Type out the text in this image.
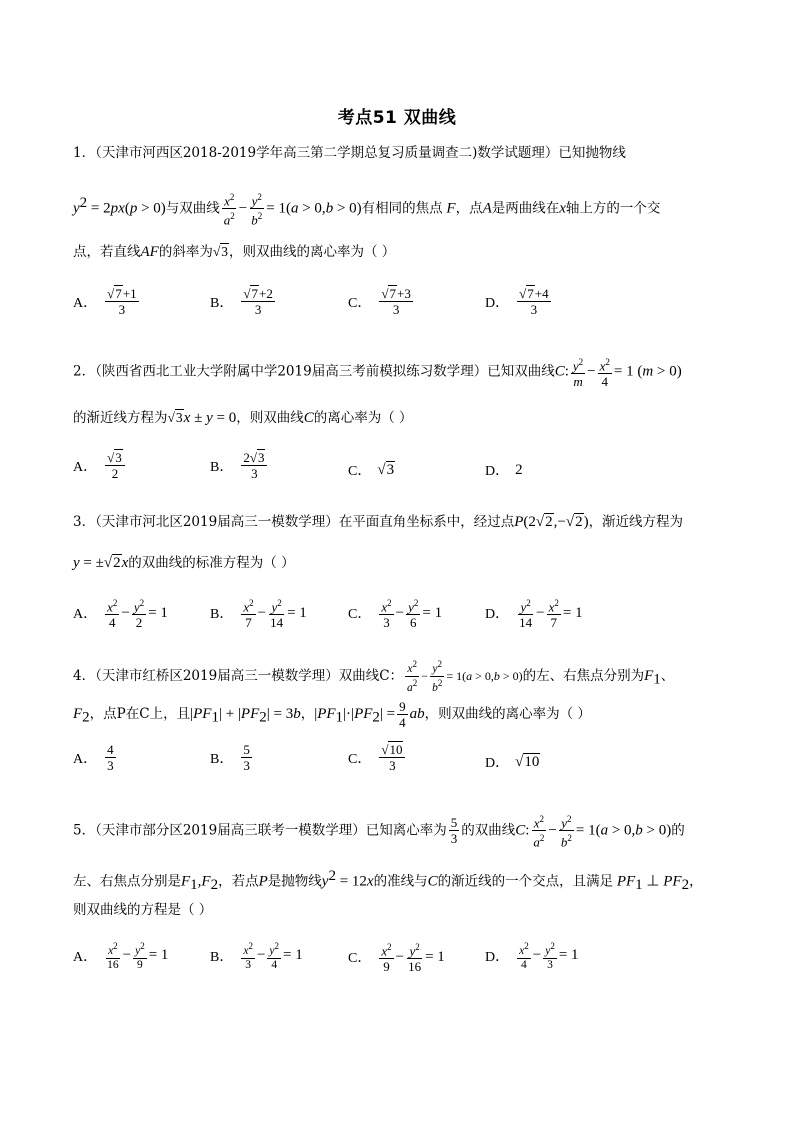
考点51 双曲线
1．（天津市河西区2018-2019学年高三第二学期总复习质量调查二)数学试题理）已知抛物线
$y^2 = 2px(p > 0)$与双曲线 $\frac{x^2}{a^2} - \frac{y^2}{b^2} = 1(a > 0,b > 0)$有相同的焦点 F，点A是两曲线在x轴上方的一个交
点，若直线AF的斜率为√3，则双曲线的离心率为（ ）
A． $\frac{√7+1}{3}$	B． $\frac{√7+2}{3}$	C． $\frac{√7+3}{3}$	D． $\frac{√7+4}{3}$
2．（陕西省西北工业大学附属中学2019届高三考前模拟练习数学理）已知双曲线C: $\frac{y^2}{m} - \frac{x^2}{4} = 1$ (m > 0)
的渐近线方程为√3x ± y = 0，则双曲线C的离心率为（ ）
A． $\frac{√3}{2}$	B． $\frac{2√3}{3}$	C． √3	D． 2
3．（天津市河北区2019届高三一模数学理）在平面直角坐标系中，经过点P(2√2,−√2)，渐近线方程为
y = ±√2x的双曲线的标准方程为（ ）
A． $\frac{x^2}{4} - \frac{y^2}{2} = 1$	B． $\frac{x^2}{7} - \frac{y^2}{14} = 1$	C． $\frac{x^2}{3} - \frac{y^2}{6} = 1$	D． $\frac{y^2}{14} - \frac{x^2}{7} = 1$
4．（天津市红桥区2019届高三一模数学理）双曲线C： $\frac{x^2}{a^2} - \frac{y^2}{b^2} = 1(a > 0,b > 0)$的左、右焦点分别为$F_1$、
$F_2$，点P在C上，且$|PF_1| + |PF_2| = 3b$，$|PF_1|\cdot|PF_2| = \frac{9}{4}$ ab，则双曲线的离心率为（ ）
A． $\frac{4}{3}$	B． $\frac{5}{3}$	C． $\frac{√10}{3}$	D． √10
5．（天津市部分区2019届高三联考一模数学理）已知离心率为 $\frac{5}{3}$ 的双曲线C: $\frac{x^2}{a^2} - \frac{y^2}{b^2} = 1(a > 0,b > 0)$的
左、右焦点分别是$F_1,F_2$，若点P是抛物线$y^2 = 12x$的准线与C的渐近线的一个交点，且满足 $PF_1$ ⊥ $PF_2$，
则双曲线的方程是（ ）
A． $\frac{x^2}{16} - \frac{y^2}{9} = 1$	B． $\frac{x^2}{3} - \frac{y^2}{4} = 1$	C． $\frac{x^2}{9} - \frac{y^2}{16} = 1$	D． $\frac{x^2}{4} - \frac{y^2}{3} = 1$
